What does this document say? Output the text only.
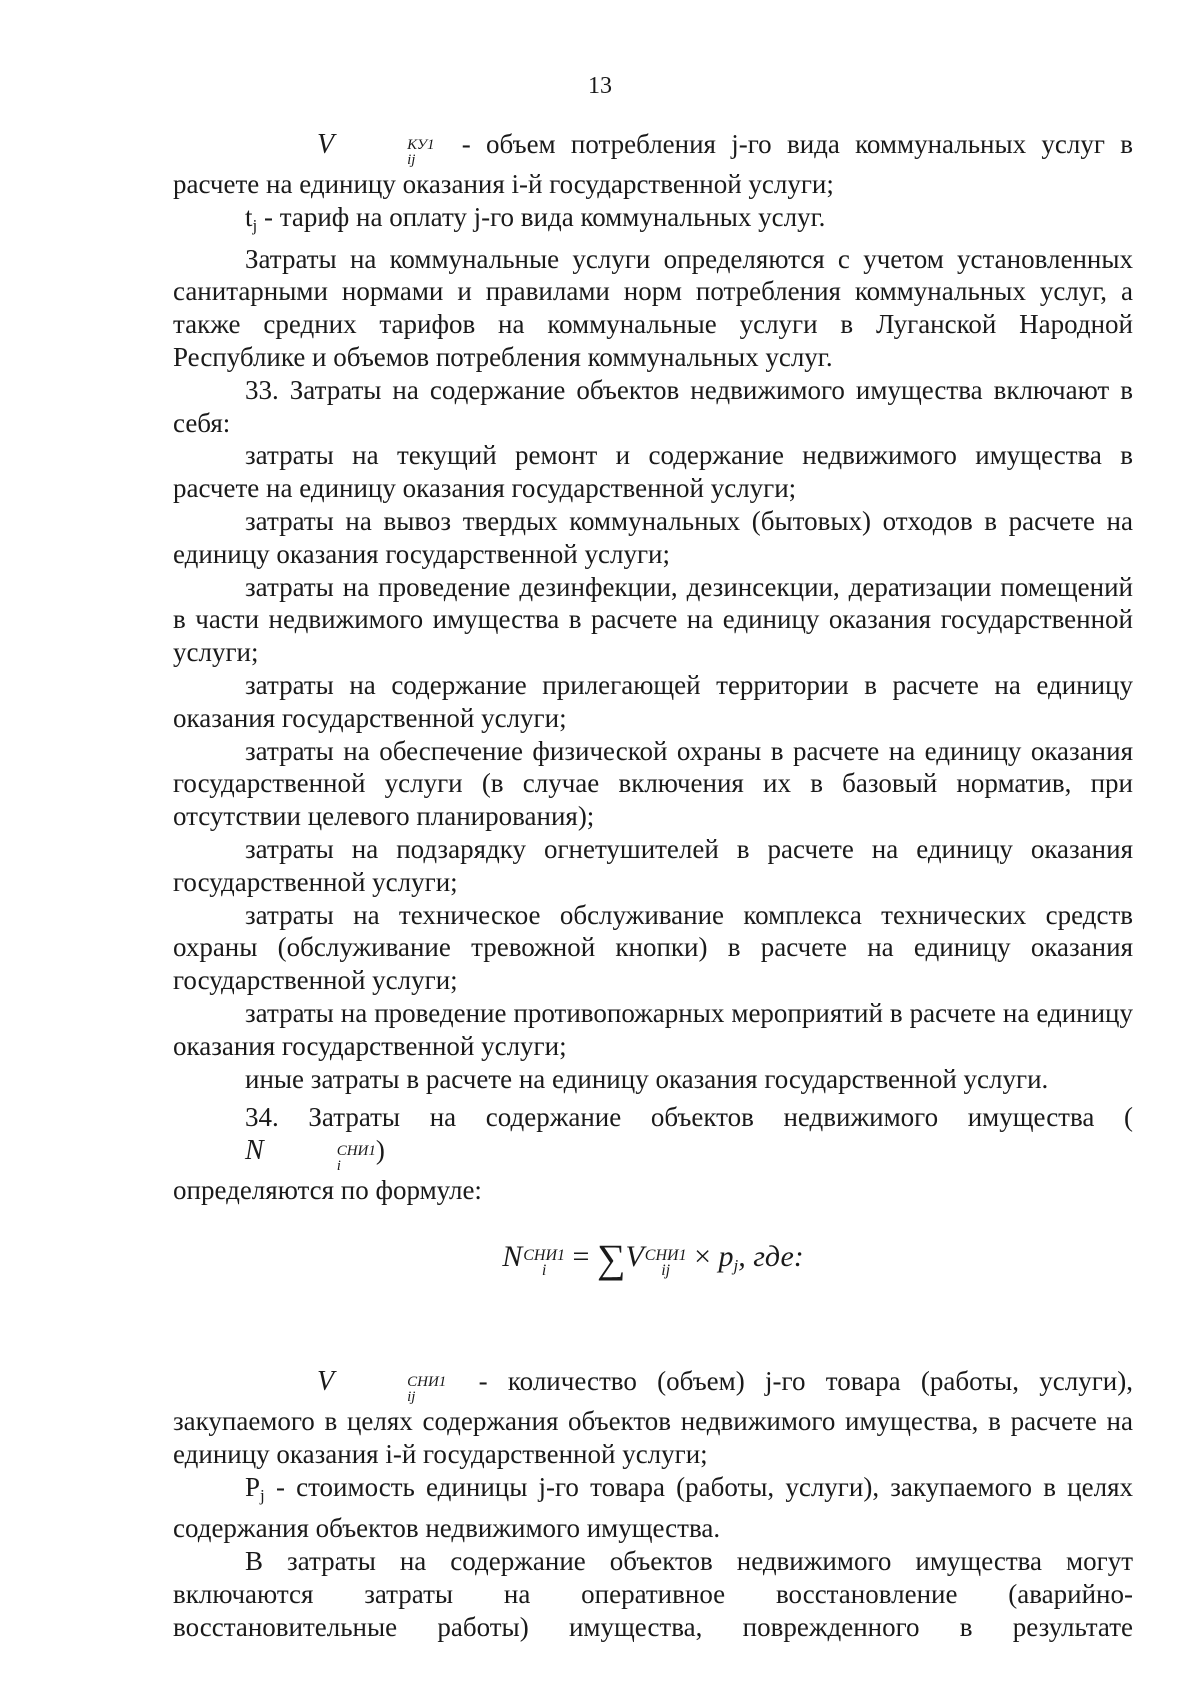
13

V	КУ1
ij
- объем потребления j-го вида коммунальных услуг в расчете на единицу оказания i-й государственной услуги;

tj - тариф на оплату j-го вида коммунальных услуг.

Затраты на коммунальные услуги определяются с учетом установленных санитарными нормами и правилами норм потребления коммунальных услуг, а также средних тарифов на коммунальные услуги в Луганской Народной Республике и объемов потребления коммунальных услуг.

33. Затраты на содержание объектов недвижимого имущества включают в себя:

затраты на текущий ремонт и содержание недвижимого имущества в расчете на единицу оказания государственной услуги;

затраты на вывоз твердых коммунальных (бытовых) отходов в расчете на единицу оказания государственной услуги;

затраты на проведение дезинфекции, дезинсекции, дератизации помещений в части недвижимого имущества в расчете на единицу оказания государственной услуги;

затраты на содержание прилегающей территории в расчете на единицу оказания государственной услуги;

затраты на обеспечение физической охраны в расчете на единицу оказания государственной услуги (в случае включения их в базовый норматив, при отсутствии целевого планирования);

затраты на подзарядку огнетушителей в расчете на единицу оказания государственной услуги;

затраты на техническое обслуживание комплекса технических средств охраны (обслуживание тревожной кнопки) в расчете на единицу оказания государственной услуги;

затраты на проведение противопожарных мероприятий в расчете на единицу оказания государственной услуги;

иные затраты в расчете на единицу оказания государственной услуги.

34. Затраты на содержание объектов недвижимого имущества (N	СНИ1
i
)

определяются по формуле:

N СНИ1
i = ∑V СНИ1
ij × pj, где:

V	СНИ1
ij
- количество (объем) j-го товара (работы, услуги), закупаемого в целях содержания объектов недвижимого имущества, в расчете на единицу оказания i-й государственной услуги;

Pj - стоимость единицы j-го товара (работы, услуги), закупаемого в целях содержания объектов недвижимого имущества.

В затраты на содержание объектов недвижимого имущества могут включаются затраты на оперативное восстановление (аварийно-восстановительные работы) имущества, поврежденного в результате
